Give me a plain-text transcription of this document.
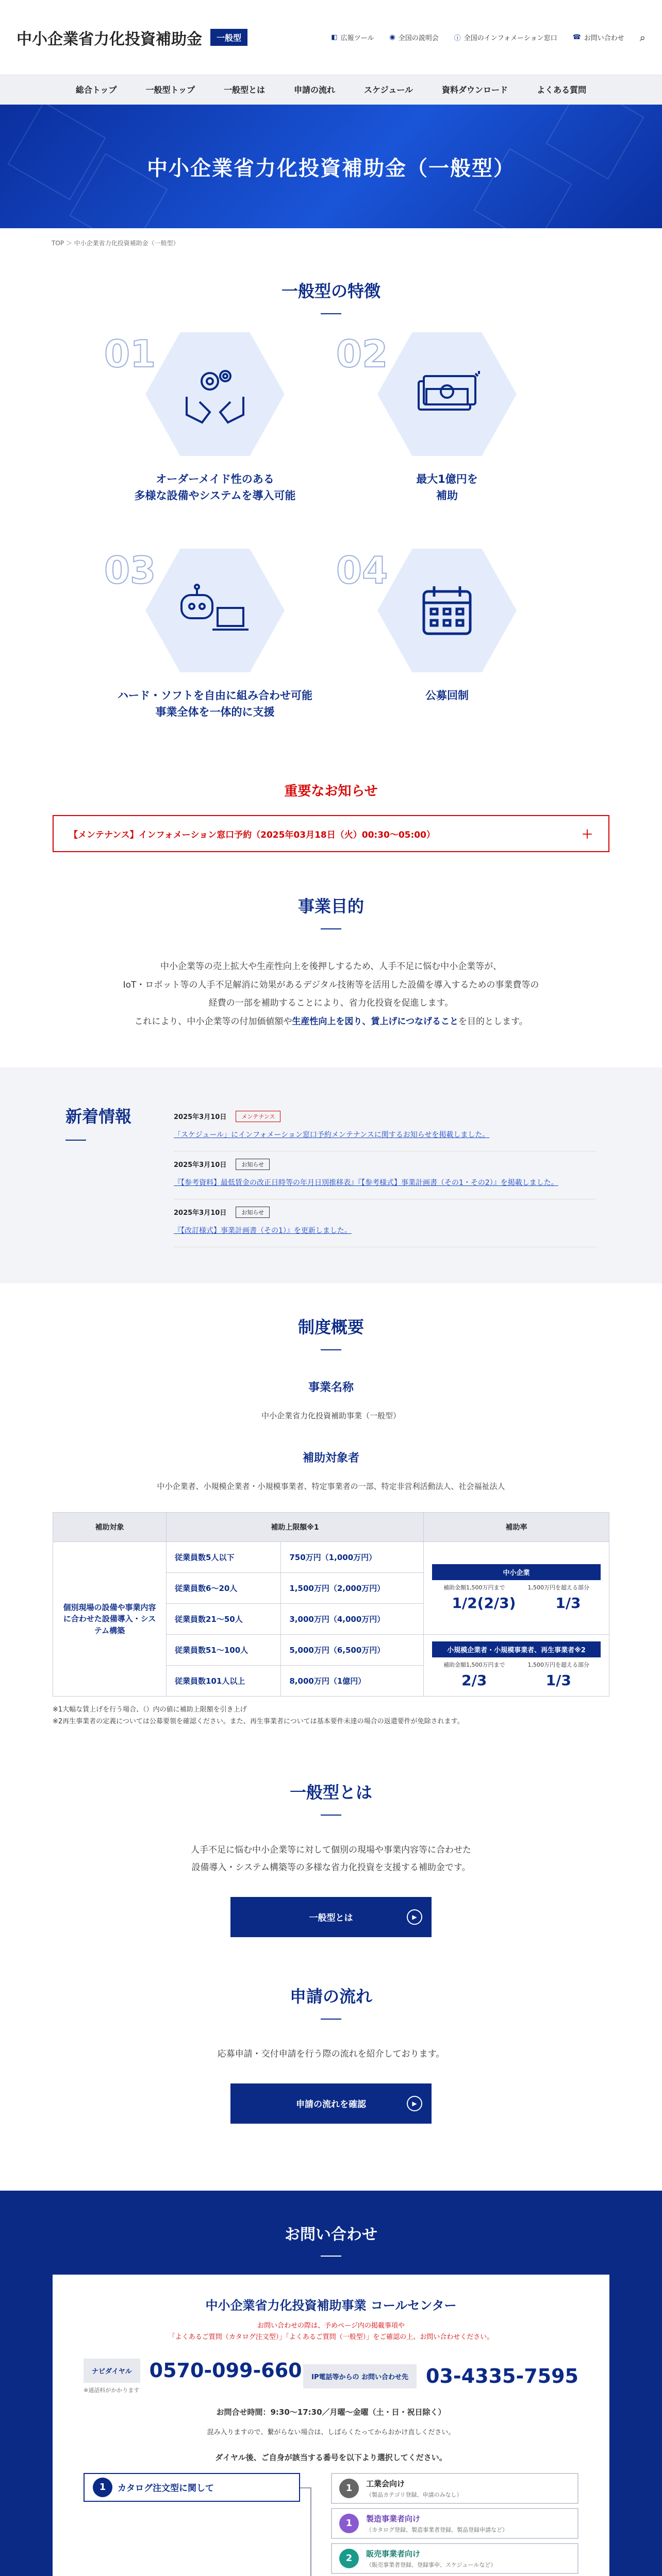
中小企業省力化投資補助金	一般型	◧ 広報ツール ◉ 全国の説明会 ⓘ 全国のインフォメーション窓口 ☎ お問い合わせ ⌕
総合トップ	一般型トップ	一般型とは	申請の流れ	スケジュール	資料ダウンロード	よくある質問
中小企業省力化投資補助金（一般型）
TOP ＞ 中小企業省力化投資補助金（一般型）
一般型の特徴
01
オーダーメイド性のある
多様な設備やシステムを導入可能
02
最大1億円を
補助
03
ハード・ソフトを自由に組み合わせ可能
事業全体を一体的に支援
04
公募回制
重要なお知らせ
【メンテナンス】インフォメーション窓口予約（2025年03月18日（火）00:30〜05:00）	＋
事業目的

中小企業等の売上拡大や生産性向上を後押しするため、人手不足に悩む中小企業等が、
IoT・ロボット等の人手不足解消に効果があるデジタル技術等を活用した設備を導入するための事業費等の
経費の一部を補助することにより、省力化投資を促進します。
これにより、中小企業等の付加価値額や生産性向上を図り、賃上げにつなげることを目的とします。

新着情報	2025年3月10日	メンテナンス
「スケジュール」にインフォメーション窓口予約メンテナンスに関するお知らせを掲載しました。
2025年3月10日	お知らせ
『【参考資料】最低賃金の改正日時等の年月日別推移表』『【参考様式】事業計画書（その1・その2）』を掲載しました。
2025年3月10日	お知らせ
『【改訂様式】事業計画書（その1）』を更新しました。
制度概要
事業名称
中小企業省力化投資補助事業（一般型）
補助対象者
中小企業者、小規模企業者・小規模事業者、特定事業者の一部、特定非営利活動法人、社会福祉法人
補助対象	補助上限額※1		補助率
個別現場の設備や事業内容に合わせた設備導入・システム構築	従業員数5人以下	750万円（1,000万円）	中小企業
補助金額1,500万円まで 1,500万円を超える部分
1/2(2/3) 1/3

	従業員数6〜20人	1,500万円（2,000万円）	
	従業員数21〜50人	3,000万円（4,000万円）	
	従業員数51〜100人	5,000万円（6,500万円）	小規模企業者・小規模事業者、再生事業者※2
補助金額1,500万円まで 1,500万円を超える部分
2/3 1/3

	従業員数101人以上	8,000万円（1億円）	
※1大幅な賃上げを行う場合、（）内の値に補助上限額を引き上げ
※2再生事業者の定義については公募要領を確認ください。また、再生事業者については基本要件未達の場合の返還要件が免除されます。
一般型とは

人手不足に悩む中小企業等に対して個別の現場や事業内容等に合わせた
設備導入・システム構築等の多様な省力化投資を支援する補助金です。

一般型とは	▶
申請の流れ

応募申請・交付申請を行う際の流れを紹介しております。

申請の流れを確認	▶
お問い合わせ
中小企業省力化投資補助事業 コールセンター
お問い合わせの際は、予めページ内の掲載事項や
「よくあるご質問（カタログ注文型）」「よくあるご質問（一般型）」をご確認の上、お問い合わせください。
ナビダイヤル 0570-099-660
※通話料がかかります
IP電話等からの お問い合わせ先 03-4335-7595
お問合せ時間：9:30〜17:30／月曜〜金曜（土・日・祝日除く）
混み入りますので、繋がらない場合は、しばらくたってからおかけ直しください。
ダイヤル後、ご自身が該当する番号を以下より選択してください。
1	カタログ注文型に関して	1	工業会向け
（製品カテゴリ登録、申請のみなし）
1	製造事業者向け
（カタログ登録、製造事業者登録、製品登録申請など）
2	販売事業者向け
（販売事業者登録、登録事申、スケジュールなど）
